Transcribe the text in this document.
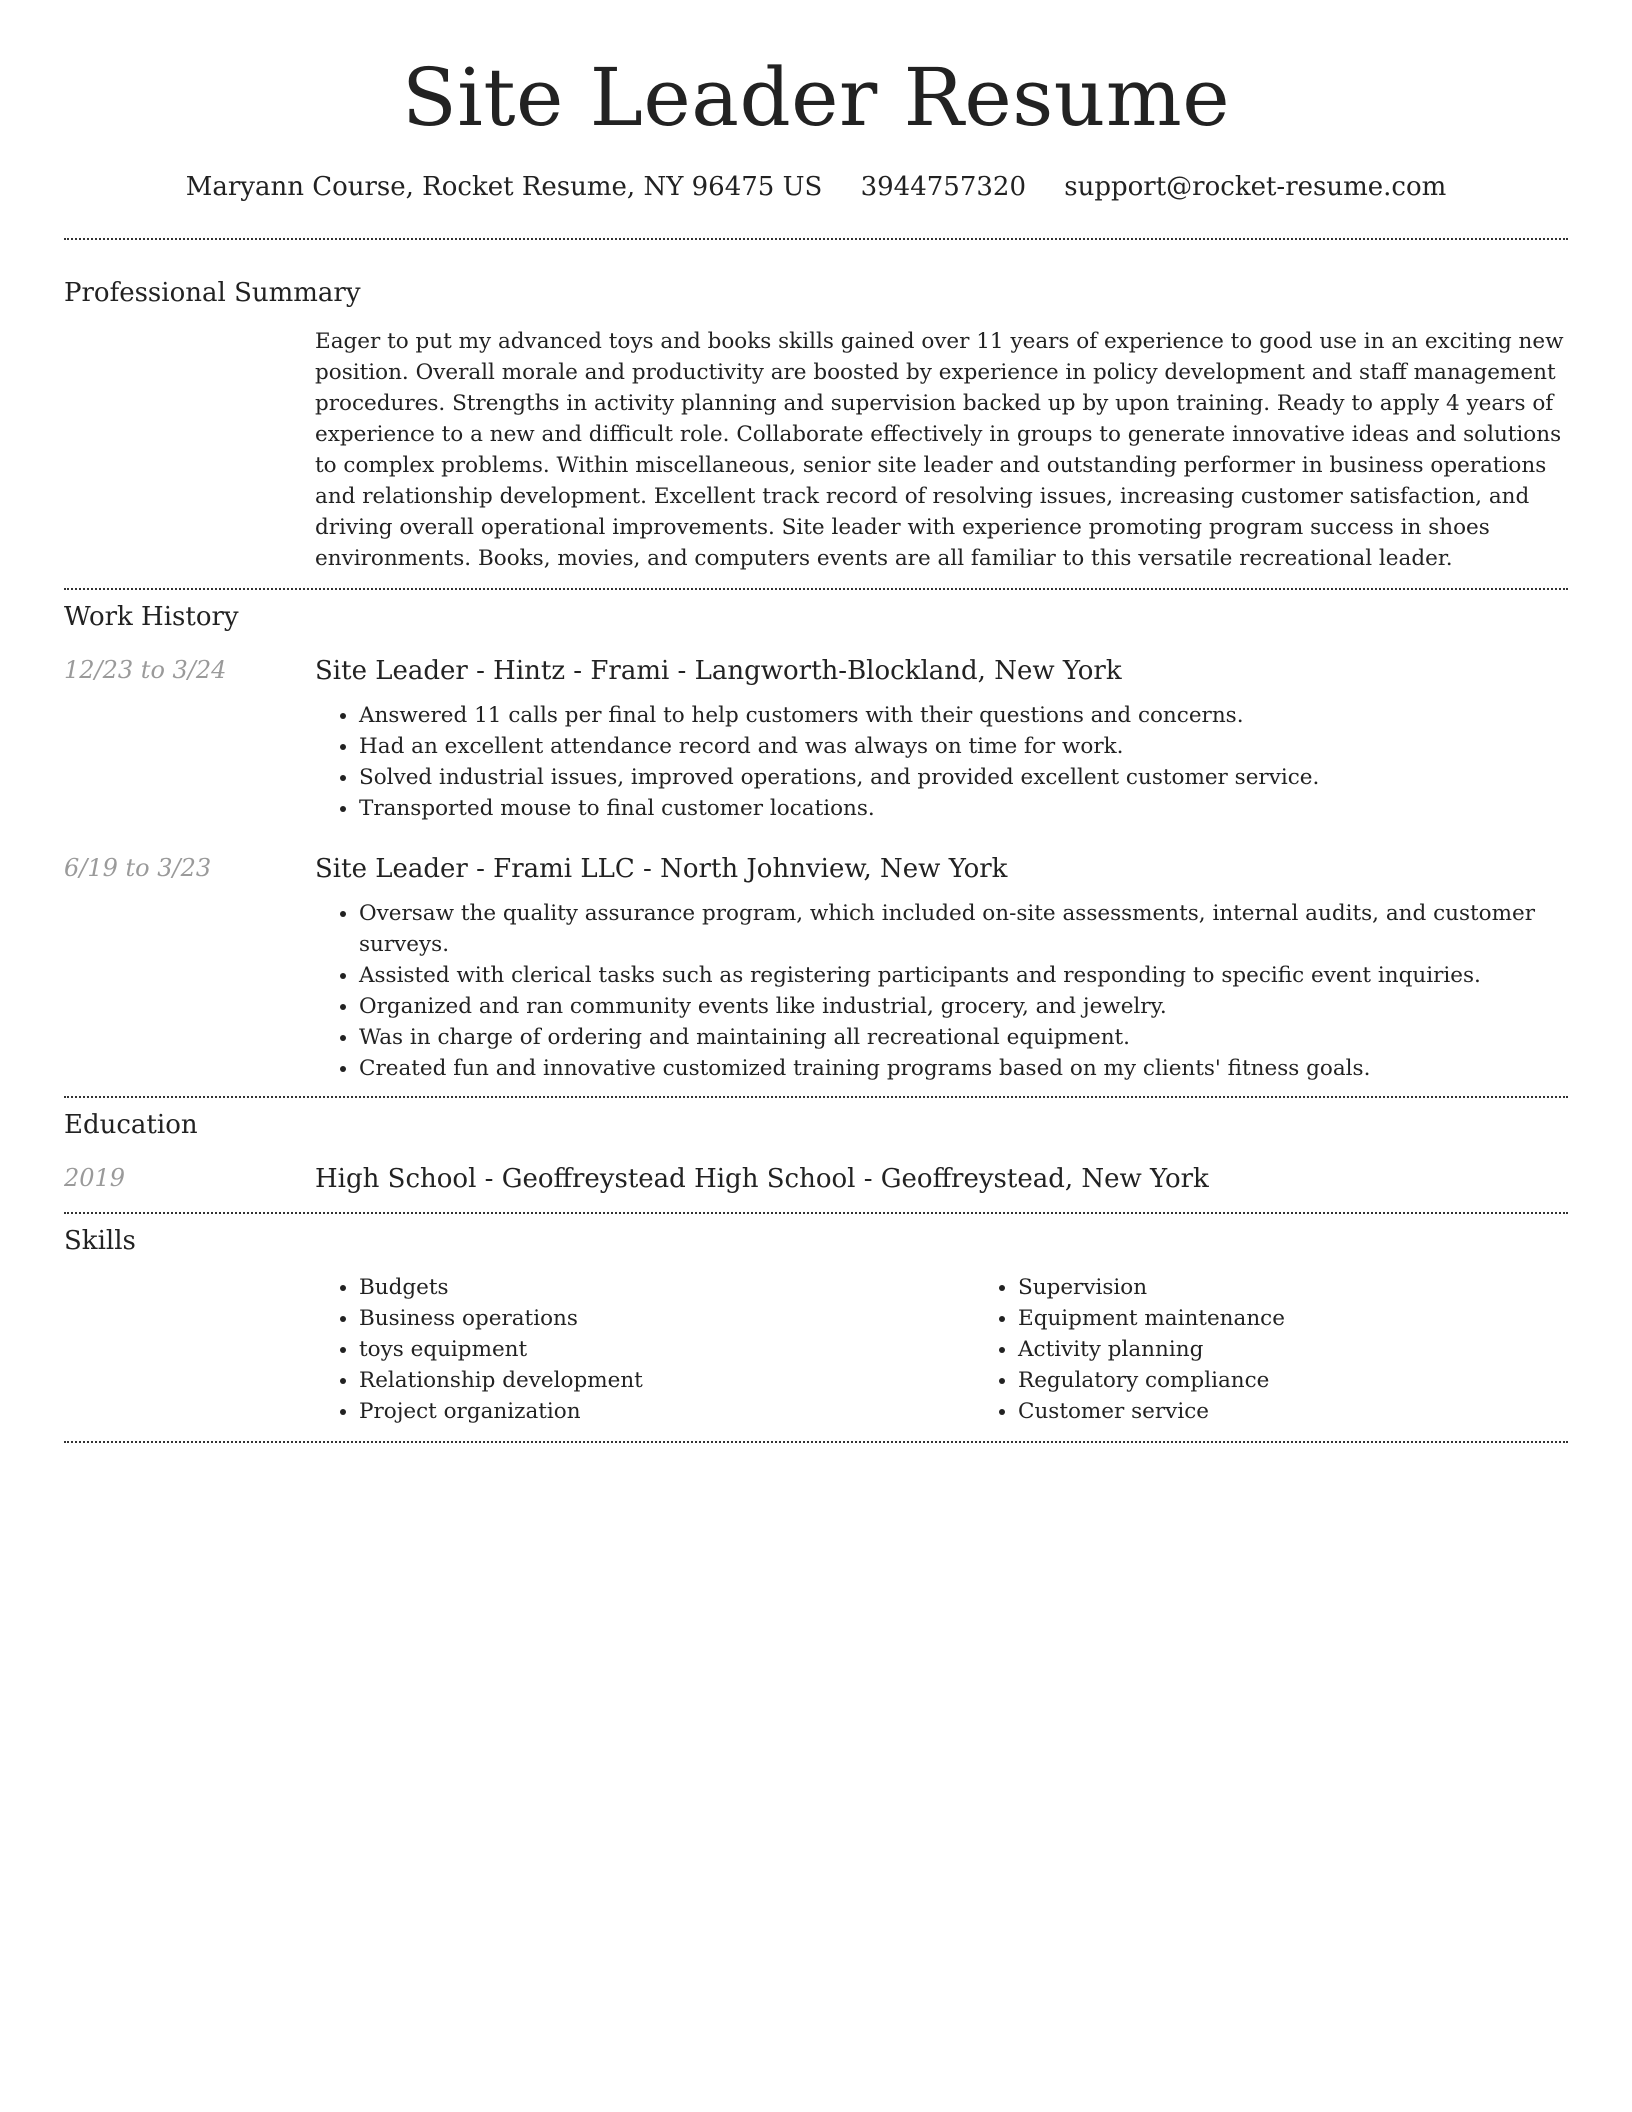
Site Leader Resume
Maryann Course, Rocket Resume, NY 96475 US 3944757320 support@rocket-resume.com
Professional Summary

Eager to put my advanced toys and books skills gained over 11 years of experience to good use in an exciting new position. Overall morale and productivity are boosted by experience in policy development and staff management procedures. Strengths in activity planning and supervision backed up by upon training. Ready to apply 4 years of experience to a new and difficult role. Collaborate effectively in groups to generate innovative ideas and solutions to complex problems. Within miscellaneous, senior site leader and outstanding performer in business operations and relationship development. Excellent track record of resolving issues, increasing customer satisfaction, and driving overall operational improvements. Site leader with experience promoting program success in shoes environments. Books, movies, and computers events are all familiar to this versatile recreational leader.

Work History
12/23 to 3/24	Site Leader - Hintz - Frami - Langworth-Blockland, New York
• Answered 11 calls per final to help customers with their questions and concerns.
• Had an excellent attendance record and was always on time for work.
• Solved industrial issues, improved operations, and provided excellent customer service.
• Transported mouse to final customer locations.
6/19 to 3/23	Site Leader - Frami LLC - North Johnview, New York
• Oversaw the quality assurance program, which included on-site assessments, internal audits, and customer surveys.
• Assisted with clerical tasks such as registering participants and responding to specific event inquiries.
• Organized and ran community events like industrial, grocery, and jewelry.
• Was in charge of ordering and maintaining all recreational equipment.
• Created fun and innovative customized training programs based on my clients' fitness goals.
Education
2019	High School - Geoffreystead High School - Geoffreystead, New York
Skills
• Budgets
• Business operations
• toys equipment
• Relationship development
• Project organization
• Supervision
• Equipment maintenance
• Activity planning
• Regulatory compliance
• Customer service
